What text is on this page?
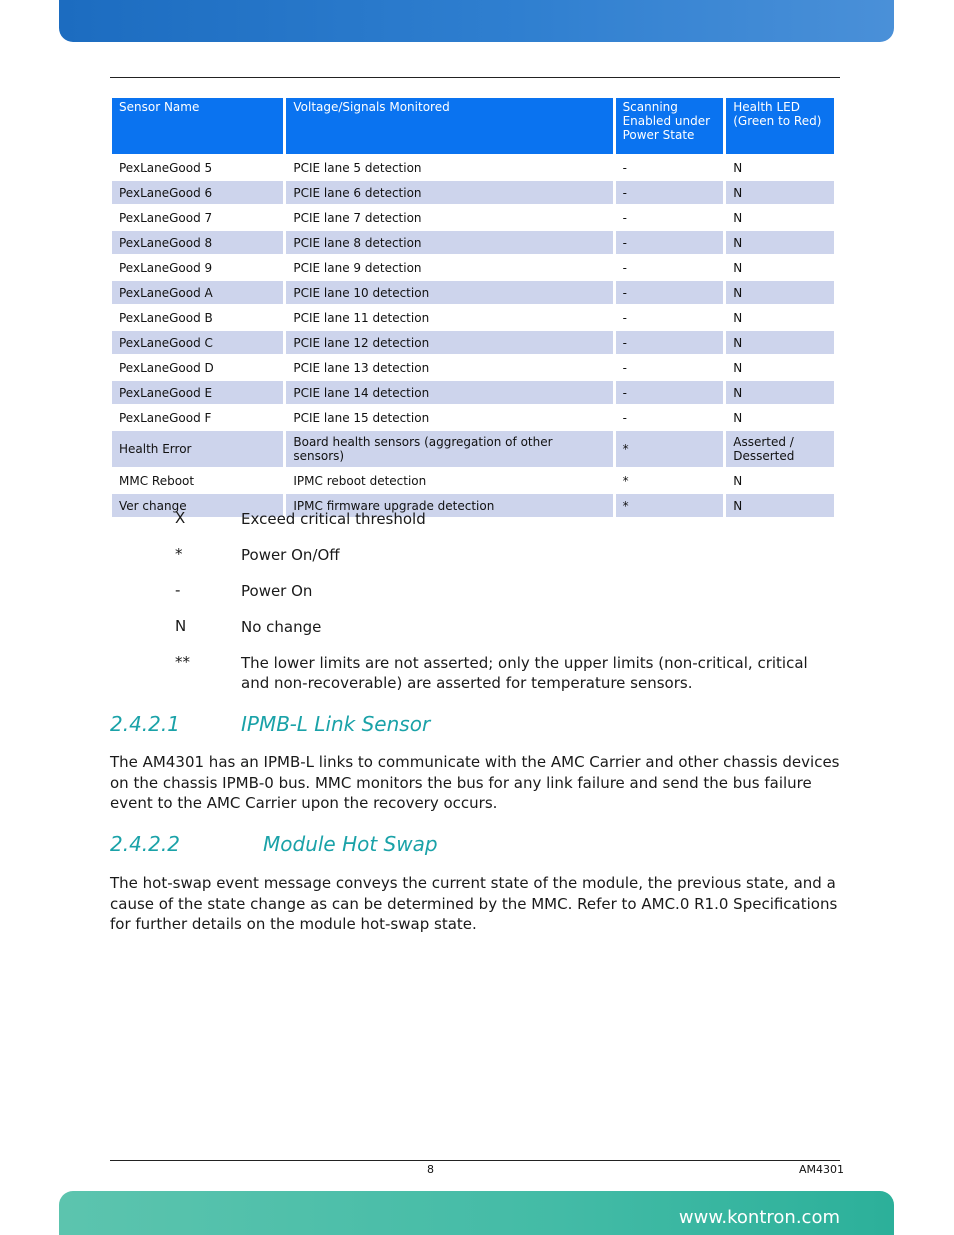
Sensor Name	Voltage/Signals Monitored	Scanning Enabled under Power State	Health LED (Green to Red)
PexLaneGood 5	PCIE lane 5 detection	-	N
PexLaneGood 6	PCIE lane 6 detection	-	N
PexLaneGood 7	PCIE lane 7 detection	-	N
PexLaneGood 8	PCIE lane 8 detection	-	N
PexLaneGood 9	PCIE lane 9 detection	-	N
PexLaneGood A	PCIE lane 10 detection	-	N
PexLaneGood B	PCIE lane 11 detection	-	N
PexLaneGood C	PCIE lane 12 detection	-	N
PexLaneGood D	PCIE lane 13 detection	-	N
PexLaneGood E	PCIE lane 14 detection	-	N
PexLaneGood F	PCIE lane 15 detection	-	N
Health Error	Board health sensors (aggregation of other sensors)	*	Asserted / Desserted
MMC Reboot	IPMC reboot detection	*	N
Ver change	IPMC firmware upgrade detection	*	N
X	Exceed critical threshold
*	Power On/Off
-	Power On
N	No change
**	The lower limits are not asserted; only the upper limits (non-critical, critical and non-recoverable) are asserted for temperature sensors.
2.4.2.1	IPMB-L Link Sensor
The AM4301 has an IPMB-L links to communicate with the AMC Carrier and other chassis devices on the chassis IPMB-0 bus. MMC monitors the bus for any link failure and send the bus failure event to the AMC Carrier upon the recovery occurs.
2.4.2.2	Module Hot Swap
The hot-swap event message conveys the current state of the module, the previous state, and a cause of the state change as can be determined by the MMC. Refer to AMC.0 R1.0 Specifications for further details on the module hot-swap state.
8	AM4301
www.kontron.com
